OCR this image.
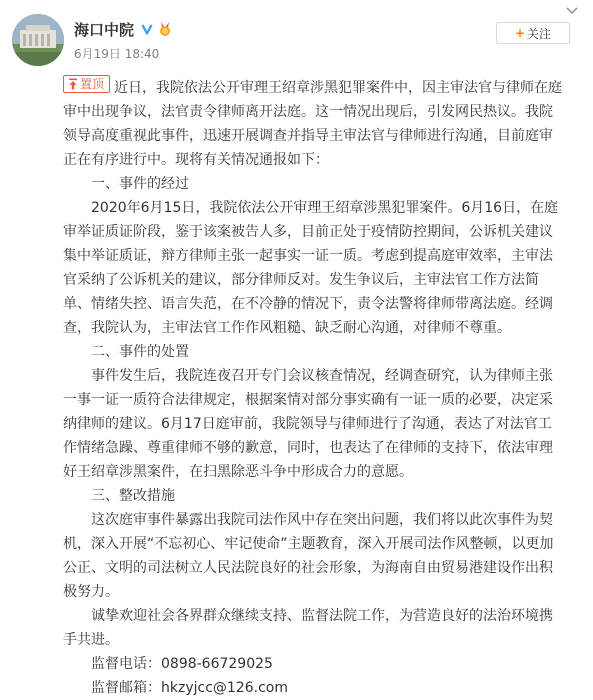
海口中院
6月19日 18:40
+ 关注

置顶 近日，我院依法公开审理王绍章涉黑犯罪案件中，因主审法官与律师在庭审中出现争议，法官责令律师离开法庭。这一情况出现后，引发网民热议。我院领导高度重视此事件，迅速开展调查并指导主审法官与律师进行沟通，目前庭审正在有序进行中。现将有关情况通报如下：

一、事件的经过

2020年6月15日，我院依法公开审理王绍章涉黑犯罪案件。6月16日，在庭审举证质证阶段，鉴于该案被告人多，目前正处于疫情防控期间，公诉机关建议集中举证质证，辩方律师主张一起事实一证一质。考虑到提高庭审效率，主审法官采纳了公诉机关的建议，部分律师反对。发生争议后，主审法官工作方法简单、情绪失控、语言失范，在不冷静的情况下，责令法警将律师带离法庭。经调查，我院认为，主审法官工作作风粗糙、缺乏耐心沟通，对律师不尊重。

二、事件的处置

事件发生后，我院连夜召开专门会议核查情况，经调查研究，认为律师主张一事一证一质符合法律规定，根据案情对部分事实确有一证一质的必要，决定采纳律师的建议。6月17日庭审前，我院领导与律师进行了沟通，表达了对法官工作情绪急躁、尊重律师不够的歉意，同时，也表达了在律师的支持下，依法审理好王绍章涉黑案件，在扫黑除恶斗争中形成合力的意愿。

三、整改措施

这次庭审事件暴露出我院司法作风中存在突出问题，我们将以此次事件为契机，深入开展“不忘初心、牢记使命”主题教育，深入开展司法作风整顿，以更加公正、文明的司法树立人民法院良好的社会形象，为海南自由贸易港建设作出积极努力。

诚挚欢迎社会各界群众继续支持、监督法院工作，为营造良好的法治环境携手共进。

监督电话：0898-66729025

监督邮箱：hkzyjcc@126.com
